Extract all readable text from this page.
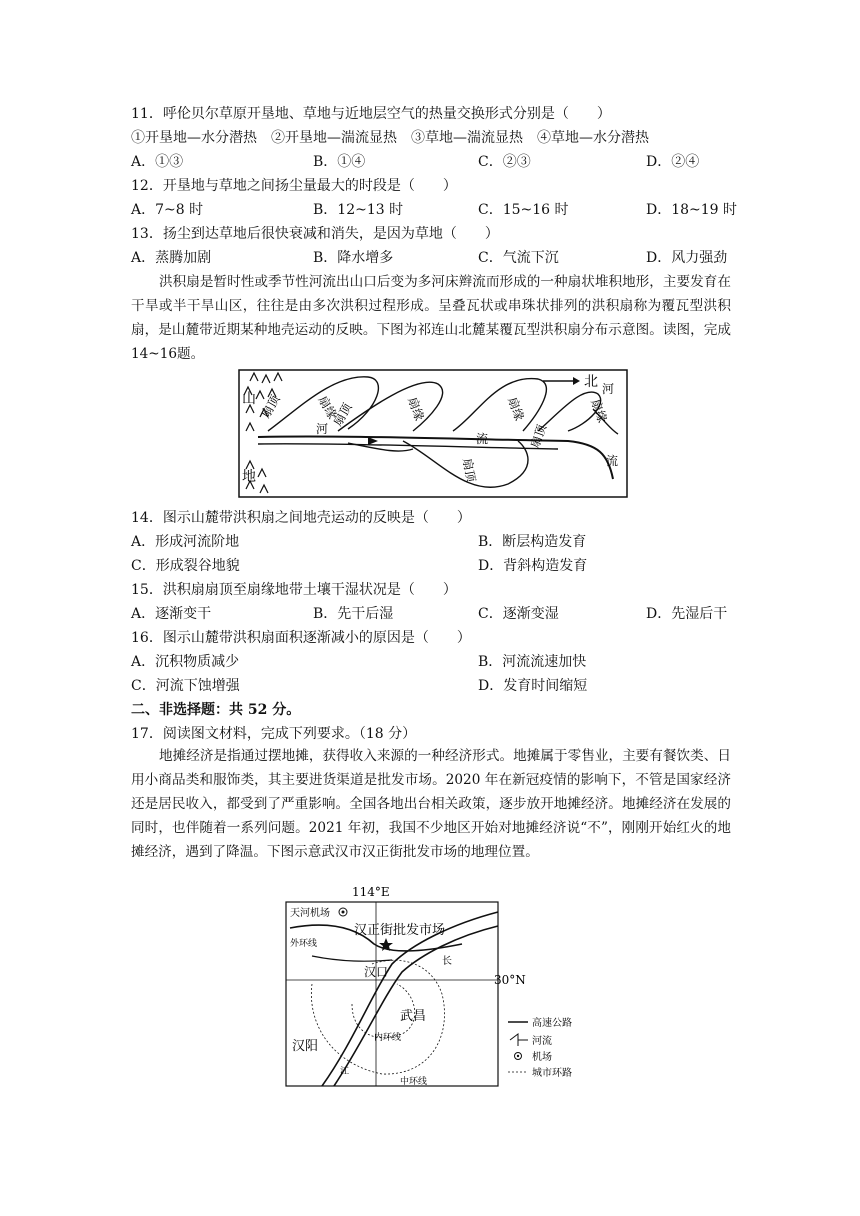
11．呼伦贝尔草原开垦地、草地与近地层空气的热量交换形式分别是（　　）
①开垦地—水分潜热　②开垦地—湍流显热　③草地—湍流显热　④草地—水分潜热
A．①③	B．①④	C．②③	D．②④
12．开垦地与草地之间扬尘量最大的时段是（　　）
A．7~8 时	B．12~13 时	C．15~16 时	D．18~19 时
13．扬尘到达草地后很快衰减和消失，是因为草地（　　）
A．蒸腾加剧	B．降水增多	C．气流下沉	D．风力强劲

洪积扇是暂时性或季节性河流出山口后变为多河床辫流而形成的一种扇状堆积地形，主要发育在干旱或半干旱山区，往往是由多次洪积过程形成。呈叠瓦状或串珠状排列的洪积扇称为覆瓦型洪积扇，是山麓带近期某种地壳运动的反映。下图为祁连山北麓某覆瓦型洪积扇分布示意图。读图，完成14~16题。

山
地
北
扇顶	扇缘
扇顶	扇缘	扇缘	扇缘
扇顶
扇顶
河
流
河
流
14．图示山麓带洪积扇之间地壳运动的反映是（　　）
A．形成河流阶地	B．断层构造发育
C．形成裂谷地貌	D．背斜构造发育
15．洪积扇扇顶至扇缘地带土壤干湿状况是（　　）
A．逐渐变干	B．先干后湿	C．逐渐变湿	D．先湿后干
16．图示山麓带洪积扇面积逐渐减小的原因是（　　）
A．沉积物质减少	B．河流流速加快
C．河流下蚀增强	D．发育时间缩短
二、非选择题：共 52 分。
17．阅读图文材料，完成下列要求。（18 分）

地摊经济是指通过摆地摊，获得收入来源的一种经济形式。地摊属于零售业，主要有餐饮类、日用小商品类和服饰类，其主要进货渠道是批发市场。2020 年在新冠疫情的影响下，不管是国家经济还是居民收入，都受到了严重影响。全国各地出台相关政策，逐步放开地摊经济。地摊经济在发展的同时，也伴随着一系列问题。2021 年初，我国不少地区开始对地摊经济说“不”，刚刚开始红火的地摊经济，遇到了降温。下图示意武汉市汉正街批发市场的地理位置。

114°E
天河机场
汉正街批发市场
外环线
汉口
长
30°N
武昌
汉阳
内环线
江
中环线
高速公路
河流
机场
城市环路
